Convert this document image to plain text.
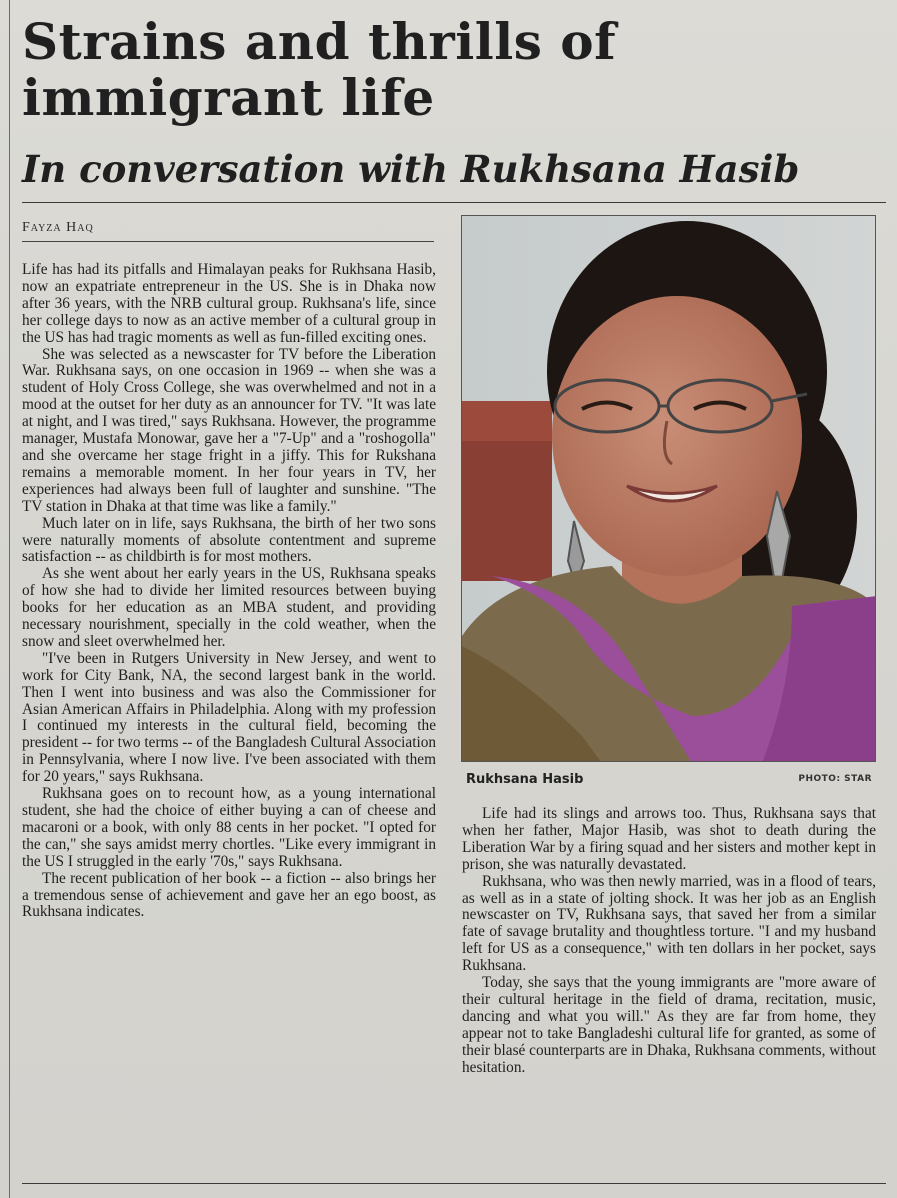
Strains and thrills of immigrant life
In conversation with Rukhsana Hasib
Fayza Haq

Life has had its pitfalls and Himalayan peaks for Rukhsana Hasib, now an expatriate entrepreneur in the US. She is in Dhaka now after 36 years, with the NRB cultural group. Rukhsana's life, since her college days to now as an active member of a cultural group in the US has had tragic moments as well as fun-filled exciting ones.

She was selected as a newscaster for TV before the Liberation War. Rukhsana says, on one occasion in 1969 -- when she was a student of Holy Cross College, she was overwhelmed and not in a mood at the outset for her duty as an announcer for TV. "It was late at night, and I was tired," says Rukhsana. However, the programme manager, Mustafa Monowar, gave her a "7-Up" and a "roshogolla" and she overcame her stage fright in a jiffy. This for Rukshana remains a memorable moment. In her four years in TV, her experiences had always been full of laughter and sunshine. "The TV station in Dhaka at that time was like a family."

Much later on in life, says Rukhsana, the birth of her two sons were naturally moments of absolute contentment and supreme satisfaction -- as childbirth is for most mothers.

As she went about her early years in the US, Rukhsana speaks of how she had to divide her limited resources between buying books for her education as an MBA student, and providing necessary nourishment, specially in the cold weather, when the snow and sleet overwhelmed her.

"I've been in Rutgers University in New Jersey, and went to work for City Bank, NA, the second largest bank in the world. Then I went into business and was also the Commissioner for Asian American Affairs in Philadelphia. Along with my profession I continued my interests in the cultural field, becoming the president -- for two terms -- of the Bangladesh Cultural Association in Pennsylvania, where I now live. I've been associated with them for 20 years," says Rukhsana.

Rukhsana goes on to recount how, as a young international student, she had the choice of either buying a can of cheese and macaroni or a book, with only 88 cents in her pocket. "I opted for the can," she says amidst merry chortles. "Like every immigrant in the US I struggled in the early '70s," says Rukhsana.

The recent publication of her book -- a fiction -- also brings her a tremendous sense of achievement and gave her an ego boost, as Rukhsana indicates.

Rukhsana Hasib	PHOTO: STAR

Life had its slings and arrows too. Thus, Rukhsana says that when her father, Major Hasib, was shot to death during the Liberation War by a firing squad and her sisters and mother kept in prison, she was naturally devastated.

Rukhsana, who was then newly married, was in a flood of tears, as well as in a state of jolting shock. It was her job as an English newscaster on TV, Rukhsana says, that saved her from a similar fate of savage brutality and thoughtless torture. "I and my husband left for US as a consequence," with ten dollars in her pocket, says Rukhsana.

Today, she says that the young immigrants are "more aware of their cultural heritage in the field of drama, recitation, music, dancing and what you will." As they are far from home, they appear not to take Bangladeshi cultural life for granted, as some of their blasé counterparts are in Dhaka, Rukhsana comments, without hesitation.
